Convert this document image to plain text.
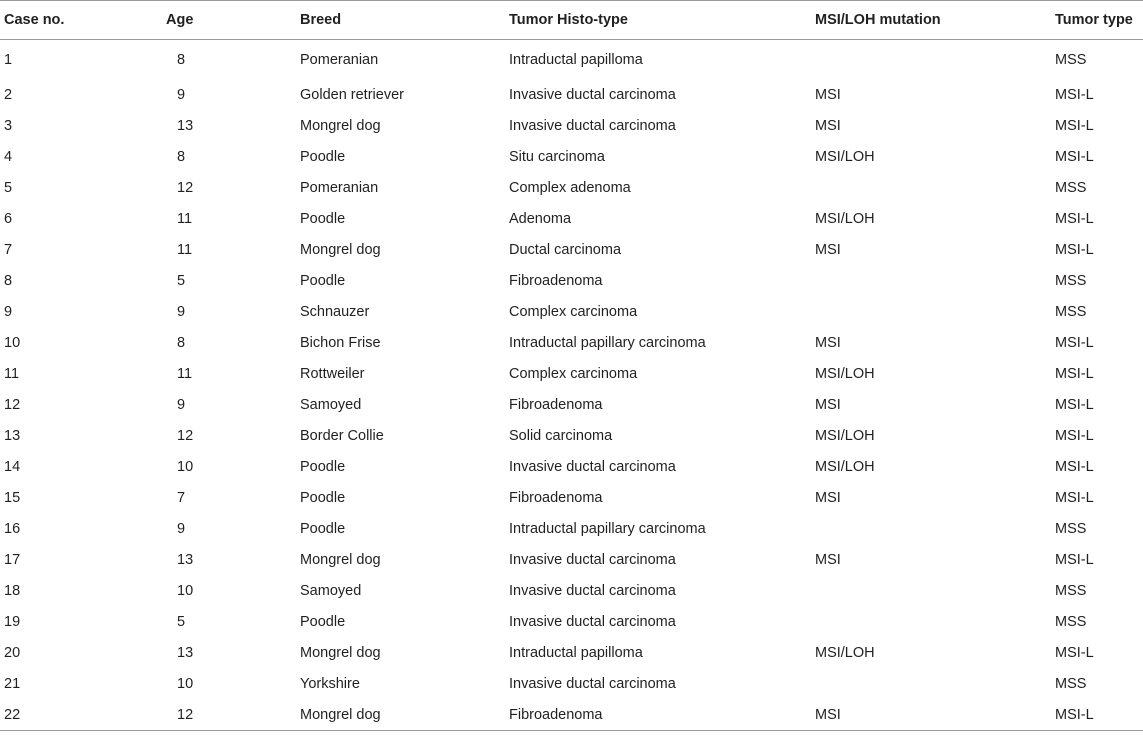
Case no.	Age	Breed	Tumor Histo-type	MSI/LOH mutation	Tumor type
1	8	Pomeranian	Intraductal papilloma		MSS
2	9	Golden retriever	Invasive ductal carcinoma	MSI	MSI-L
3	13	Mongrel dog	Invasive ductal carcinoma	MSI	MSI-L
4	8	Poodle	Situ carcinoma	MSI/LOH	MSI-L
5	12	Pomeranian	Complex adenoma		MSS
6	11	Poodle	Adenoma	MSI/LOH	MSI-L
7	11	Mongrel dog	Ductal carcinoma	MSI	MSI-L
8	5	Poodle	Fibroadenoma		MSS
9	9	Schnauzer	Complex carcinoma		MSS
10	8	Bichon Frise	Intraductal papillary carcinoma	MSI	MSI-L
11	11	Rottweiler	Complex carcinoma	MSI/LOH	MSI-L
12	9	Samoyed	Fibroadenoma	MSI	MSI-L
13	12	Border Collie	Solid carcinoma	MSI/LOH	MSI-L
14	10	Poodle	Invasive ductal carcinoma	MSI/LOH	MSI-L
15	7	Poodle	Fibroadenoma	MSI	MSI-L
16	9	Poodle	Intraductal papillary carcinoma		MSS
17	13	Mongrel dog	Invasive ductal carcinoma	MSI	MSI-L
18	10	Samoyed	Invasive ductal carcinoma		MSS
19	5	Poodle	Invasive ductal carcinoma		MSS
20	13	Mongrel dog	Intraductal papilloma	MSI/LOH	MSI-L
21	10	Yorkshire	Invasive ductal carcinoma		MSS
22	12	Mongrel dog	Fibroadenoma	MSI	MSI-L
